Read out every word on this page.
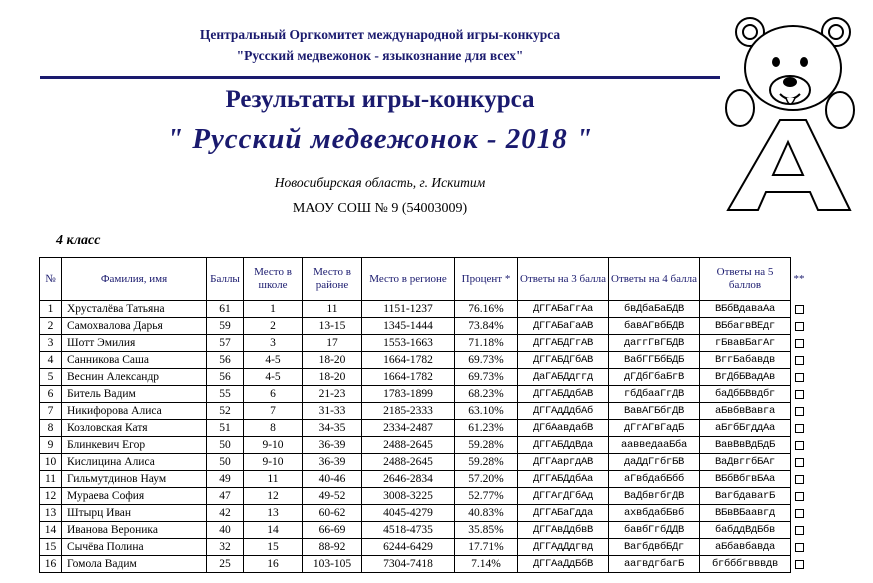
Центральный Оргкомитет международной игры-конкурса
"Русский медвежонок - языкознание для всех"
Результаты игры-конкурса
" Русский медвежонок - 2018 "
Новосибирская область, г. Искитим
МАОУ СОШ № 9 (54003009)
4 класс
№	Фамилия, имя	Баллы	Место в школе	Место в районе	Место в регионе	Процент *	Ответы на 3 балла	Ответы на 4 балла	Ответы на 5 баллов	**
1	Хрусталёва Татьяна	61	1	11	1151-1237	76.16%	ДГГАБаГгАа	бвДбаБаБДВ	ВБбВдаваАа	
2	Самохвалова Дарья	59	2	13-15	1345-1444	73.84%	ДГГАБаГаАВ	бавАГвбБДВ	ВБбагвВЕдг	
3	Шотт Эмилия	57	3	17	1553-1663	71.18%	ДГГАБДГгАВ	даггГвГБДВ	гБвавБагАг	
4	Санникова Саша	56	4-5	18-20	1664-1782	69.73%	ДГГАБДГбАВ	ВабГГБбБДБ	ВггБабавдв	
5	Веснин Александр	56	4-5	18-20	1664-1782	69.73%	ДаГАБДдггд	дГДбГбаБгВ	ВгДбБВадАв	
6	Битель Вадим	55	6	21-23	1783-1899	68.23%	ДГГАБДдбАВ	гбДбааГгДВ	баДбБВвдбг	
7	Никифорова Алиса	52	7	31-33	2185-2333	63.10%	ДГГАдДдбАб	ВавАГБбгДВ	аБвбвВавга	
8	Козловская Катя	51	8	34-35	2334-2487	61.23%	ДГбАавдабВ	дГгАГвГадБ	аБгбБгддАа	
9	Блинкевич Егор	50	9-10	36-39	2488-2645	59.28%	ДГГАБДдВда	аавведааБба	ВавВвВдБдБ	
10	Кислицина Алиса	50	9-10	36-39	2488-2645	59.28%	ДГГАаргдАВ	даДдГгбгБВ	ВаДвггбБАг	
11	Гильмутдинов Наум	49	11	40-46	2646-2834	57.20%	ДГГАБДдбАа	аГвбдабБбб	ВБбВбгвБАа	
12	Мураева София	47	12	49-52	3008-3225	52.77%	ДГГАгДГбАд	ВаДбвгбгДВ	ВагбдаваrБ	
13	Штырц Иван	42	13	60-62	4045-4279	40.83%	ДГГАБаГдда	ахвбдабБвб	ВБвВБаавгд	
14	Иванова Вероника	40	14	66-69	4518-4735	35.85%	ДГГАвДдбвВ	бавбГгбДДВ	бабддВдБбв	
15	Сычёва Полина	32	15	88-92	6244-6429	17.71%	ДГГАдДдгвд	ВагбдвбБДг	аБбавбавда	
16	Гомола Вадим	25	16	103-105	7304-7418	7.14%	ДГГАаДдБбВ	аагвдгбагБ	бгбббгвввдв	
